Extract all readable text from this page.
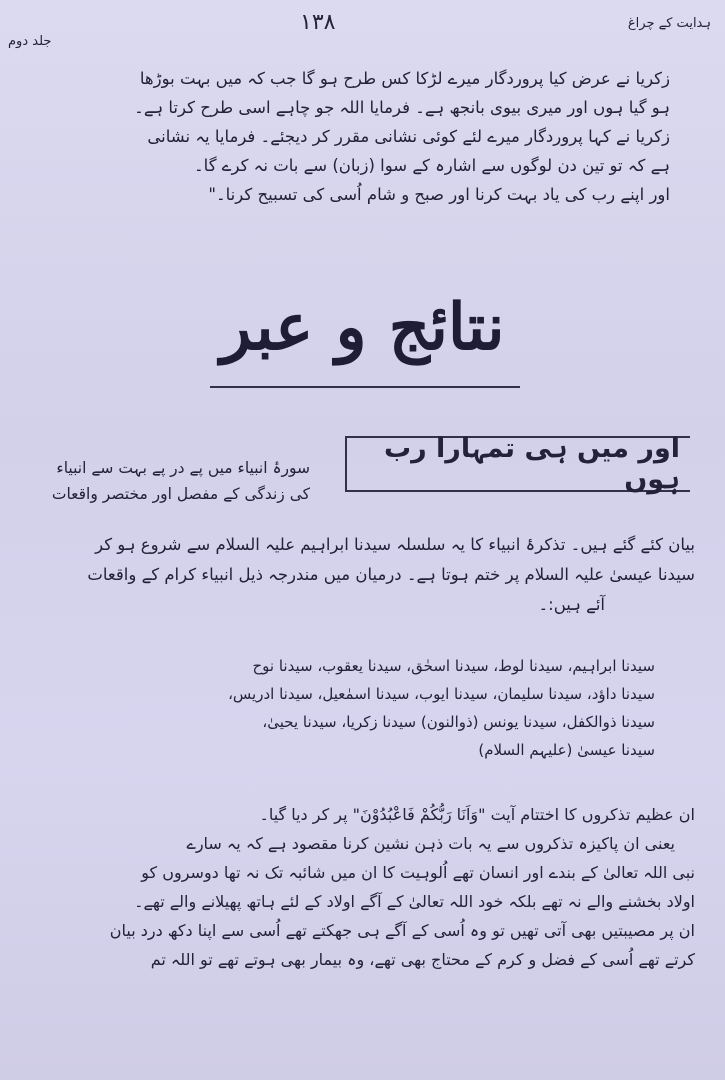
ہدایت کے چراغ
جلد دوم
۱۳۸
زکریا نے عرض کیا پروردگار میرے لڑکا کس طرح ہو گا جب کہ میں بہت بوڑھا
ہو گیا ہوں اور میری بیوی بانجھ ہے۔ فرمایا اللہ جو چاہے اسی طرح کرتا ہے۔
زکریا نے کہا پروردگار میرے لئے کوئی نشانی مقرر کر دیجئے۔ فرمایا یہ نشانی
ہے کہ تو تین دن لوگوں سے اشارہ کے سوا (زبان) سے بات نہ کرے گا۔
اور اپنے رب کی یاد بہت کرنا اور صبح و شام اُسی کی تسبیح کرنا۔"
نتائج و عبر
اور میں ہی تمہارا رب ہوں
سورۂ انبیاء میں پے در پے بہت سے انبیاء
کی زندگی کے مفصل اور مختصر واقعات
بیان کئے گئے ہیں۔ تذکرۂ انبیاء کا یہ سلسلہ سیدنا ابراہیم علیہ السلام سے شروع ہو کر
سیدنا عیسیٰ علیہ السلام پر ختم ہوتا ہے۔ درمیان میں مندرجہ ذیل انبیاء کرام کے واقعات
آئے ہیں:۔
سیدنا ابراہیم، سیدنا لوط، سیدنا اسحٰق، سیدنا یعقوب، سیدنا نوح
سیدنا داؤد، سیدنا سلیمان، سیدنا ایوب، سیدنا اسمٰعیل، سیدنا ادریس،
سیدنا ذوالکفل، سیدنا یونس (ذوالنون) سیدنا زکریا، سیدنا یحییٰ،
سیدنا عیسیٰ (علیہم السلام)
ان عظیم تذکروں کا اختتام آیت "وَاَنَا رَبُّکُمْ فَاعْبُدُوْنَ" پر کر دیا گیا۔
یعنی ان پاکیزہ تذکروں سے یہ بات ذہن نشین کرنا مقصود ہے کہ یہ سارے
نبی اللہ تعالیٰ کے بندے اور انسان تھے اُلوہیت کا ان میں شائبہ تک نہ تھا دوسروں کو
اولاد بخشنے والے نہ تھے بلکہ خود اللہ تعالیٰ کے آگے اولاد کے لئے ہاتھ پھیلانے والے تھے۔
ان پر مصیبتیں بھی آتی تھیں تو وہ اُسی کے آگے ہی جھکتے تھے اُسی سے اپنا دکھ درد بیان
کرتے تھے اُسی کے فضل و کرم کے محتاج بھی تھے، وہ بیمار بھی ہوتے تھے تو اللہ تم
